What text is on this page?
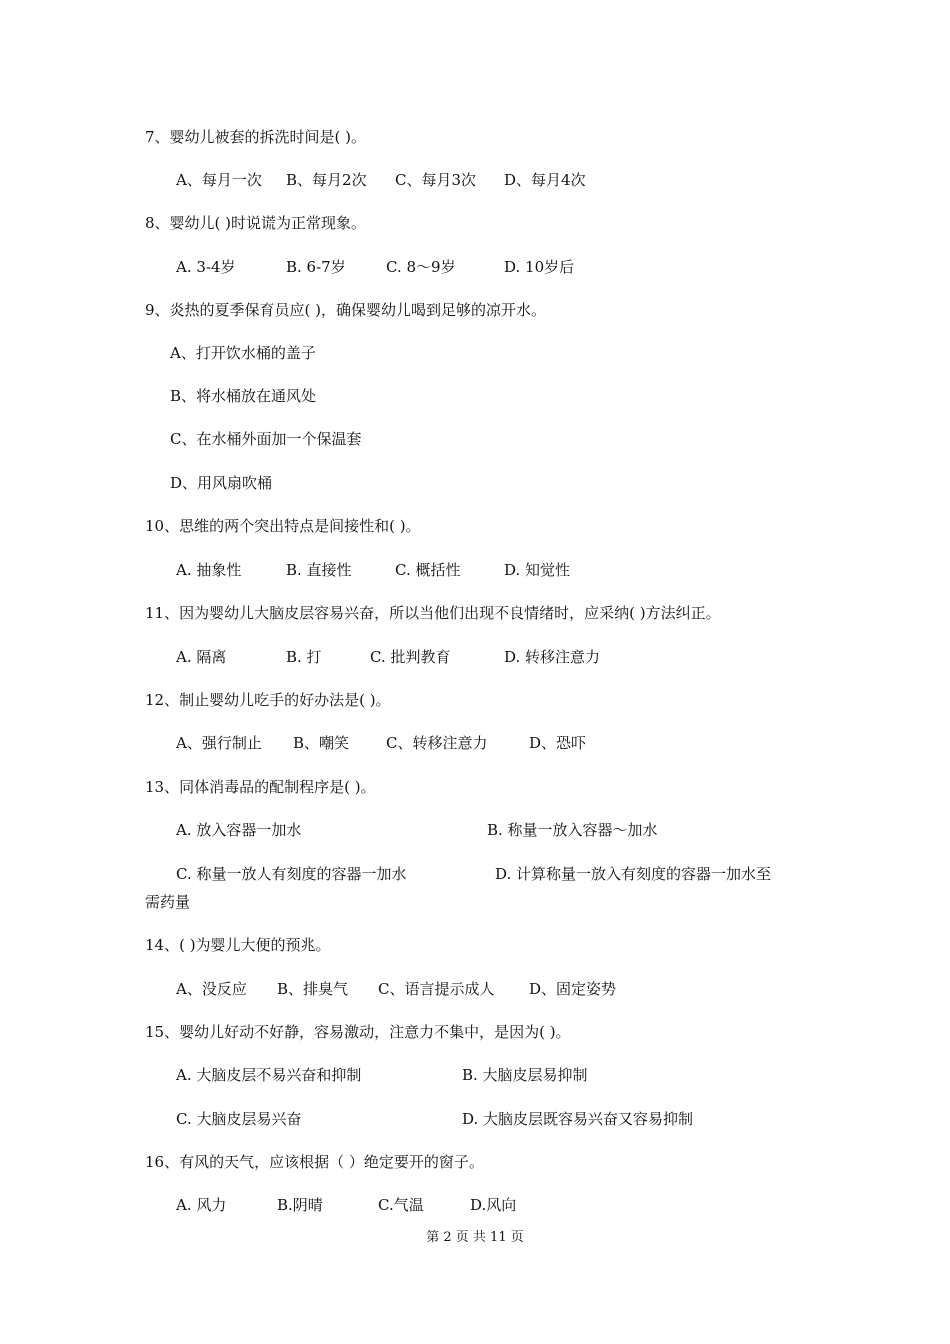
7、婴幼儿被套的拆洗时间是( )。
A、每月一次 B、每月2次 C、每月3次 D、每月4次
8、婴幼儿( )时说谎为正常现象。
A. 3-4岁	B. 6-7岁	C. 8～9岁	D. 10岁后
9、炎热的夏季保育员应( )，确保婴幼儿喝到足够的凉开水。
A、打开饮水桶的盖子
B、将水桶放在通风处
C、在水桶外面加一个保温套
D、用风扇吹桶
10、思维的两个突出特点是间接性和( )。
A. 抽象性	B. 直接性	C. 概括性	D. 知觉性
11、因为婴幼儿大脑皮层容易兴奋，所以当他们出现不良情绪时，应采纳( )方法纠正。
A. 隔离	B. 打	C. 批判教育	D. 转移注意力
12、制止婴幼儿吃手的好办法是( )。
A、强行制止 B、嘲笑 C、转移注意力	D、恐吓
13、同体消毒品的配制程序是( )。
A. 放入容器一加水	B. 称量一放入容器～加水
C. 称量一放人有刻度的容器一加水	D. 计算称量一放入有刻度的容器一加水至
需药量
14、( )为婴儿大便的预兆。
A、没反应 B、排臭气 C、语言提示成人 D、固定姿势
15、婴幼儿好动不好静，容易激动，注意力不集中，是因为( )。
A. 大脑皮层不易兴奋和抑制	B. 大脑皮层易抑制
C. 大脑皮层易兴奋	D. 大脑皮层既容易兴奋又容易抑制
16、有风的天气，应该根据（ ）绝定要开的窗子。
A. 风力	B.阴晴	C.气温	D.风向
第 2 页 共 11 页
